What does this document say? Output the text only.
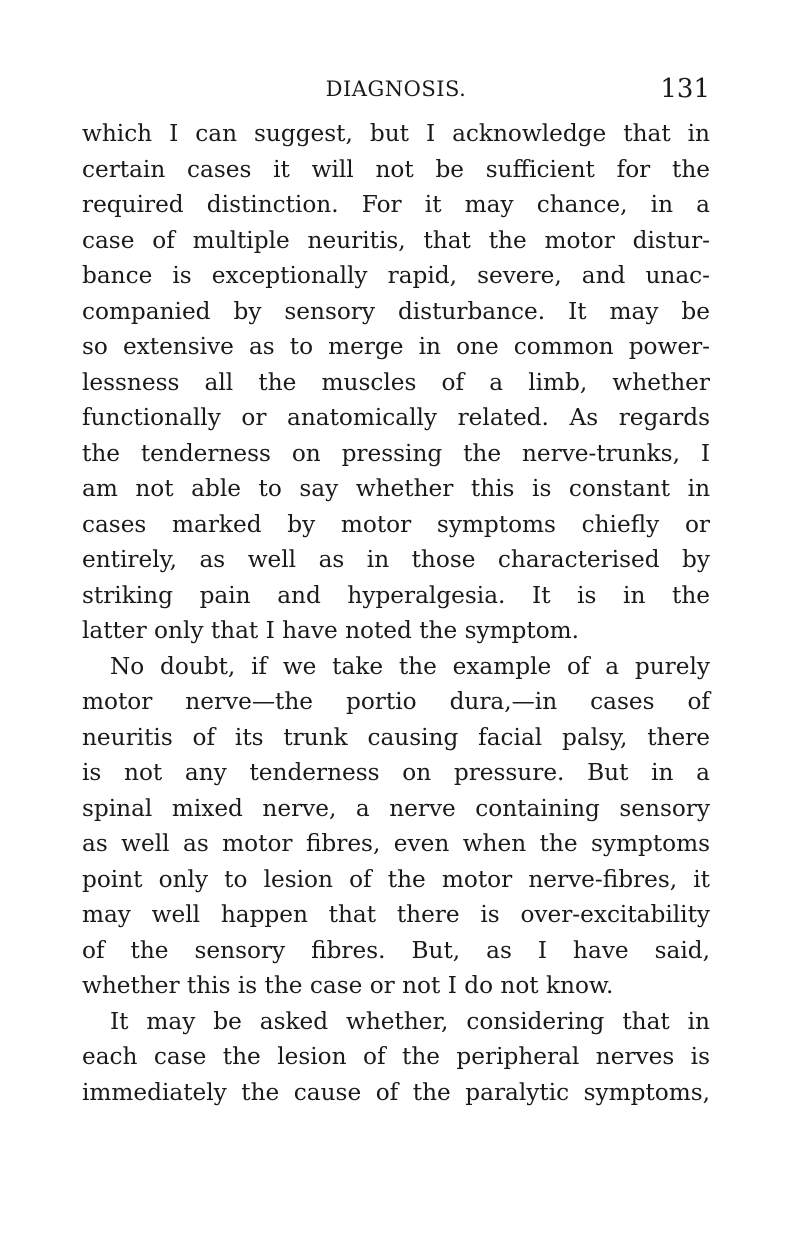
DIAGNOSIS.	131
which I can suggest, but I acknowledge that in
certain cases it will not be sufficient for the
required distinction. For it may chance, in a
case of multiple neuritis, that the motor distur-
bance is exceptionally rapid, severe, and unac-
companied by sensory disturbance. It may be
so extensive as to merge in one common power-
lessness all the muscles of a limb, whether
functionally or anatomically related. As regards
the tenderness on pressing the nerve-trunks, I
am not able to say whether this is constant in
cases marked by motor symptoms chiefly or
entirely, as well as in those characterised by
striking pain and hyperalgesia. It is in the
latter only that I have noted the symptom.
No doubt, if we take the example of a purely
motor nerve—the portio dura,—in cases of
neuritis of its trunk causing facial palsy, there
is not any tenderness on pressure. But in a
spinal mixed nerve, a nerve containing sensory
as well as motor fibres, even when the symptoms
point only to lesion of the motor nerve-fibres, it
may well happen that there is over-excitability
of the sensory fibres. But, as I have said,
whether this is the case or not I do not know.
It may be asked whether, considering that in
each case the lesion of the peripheral nerves is
immediately the cause of the paralytic symptoms,
